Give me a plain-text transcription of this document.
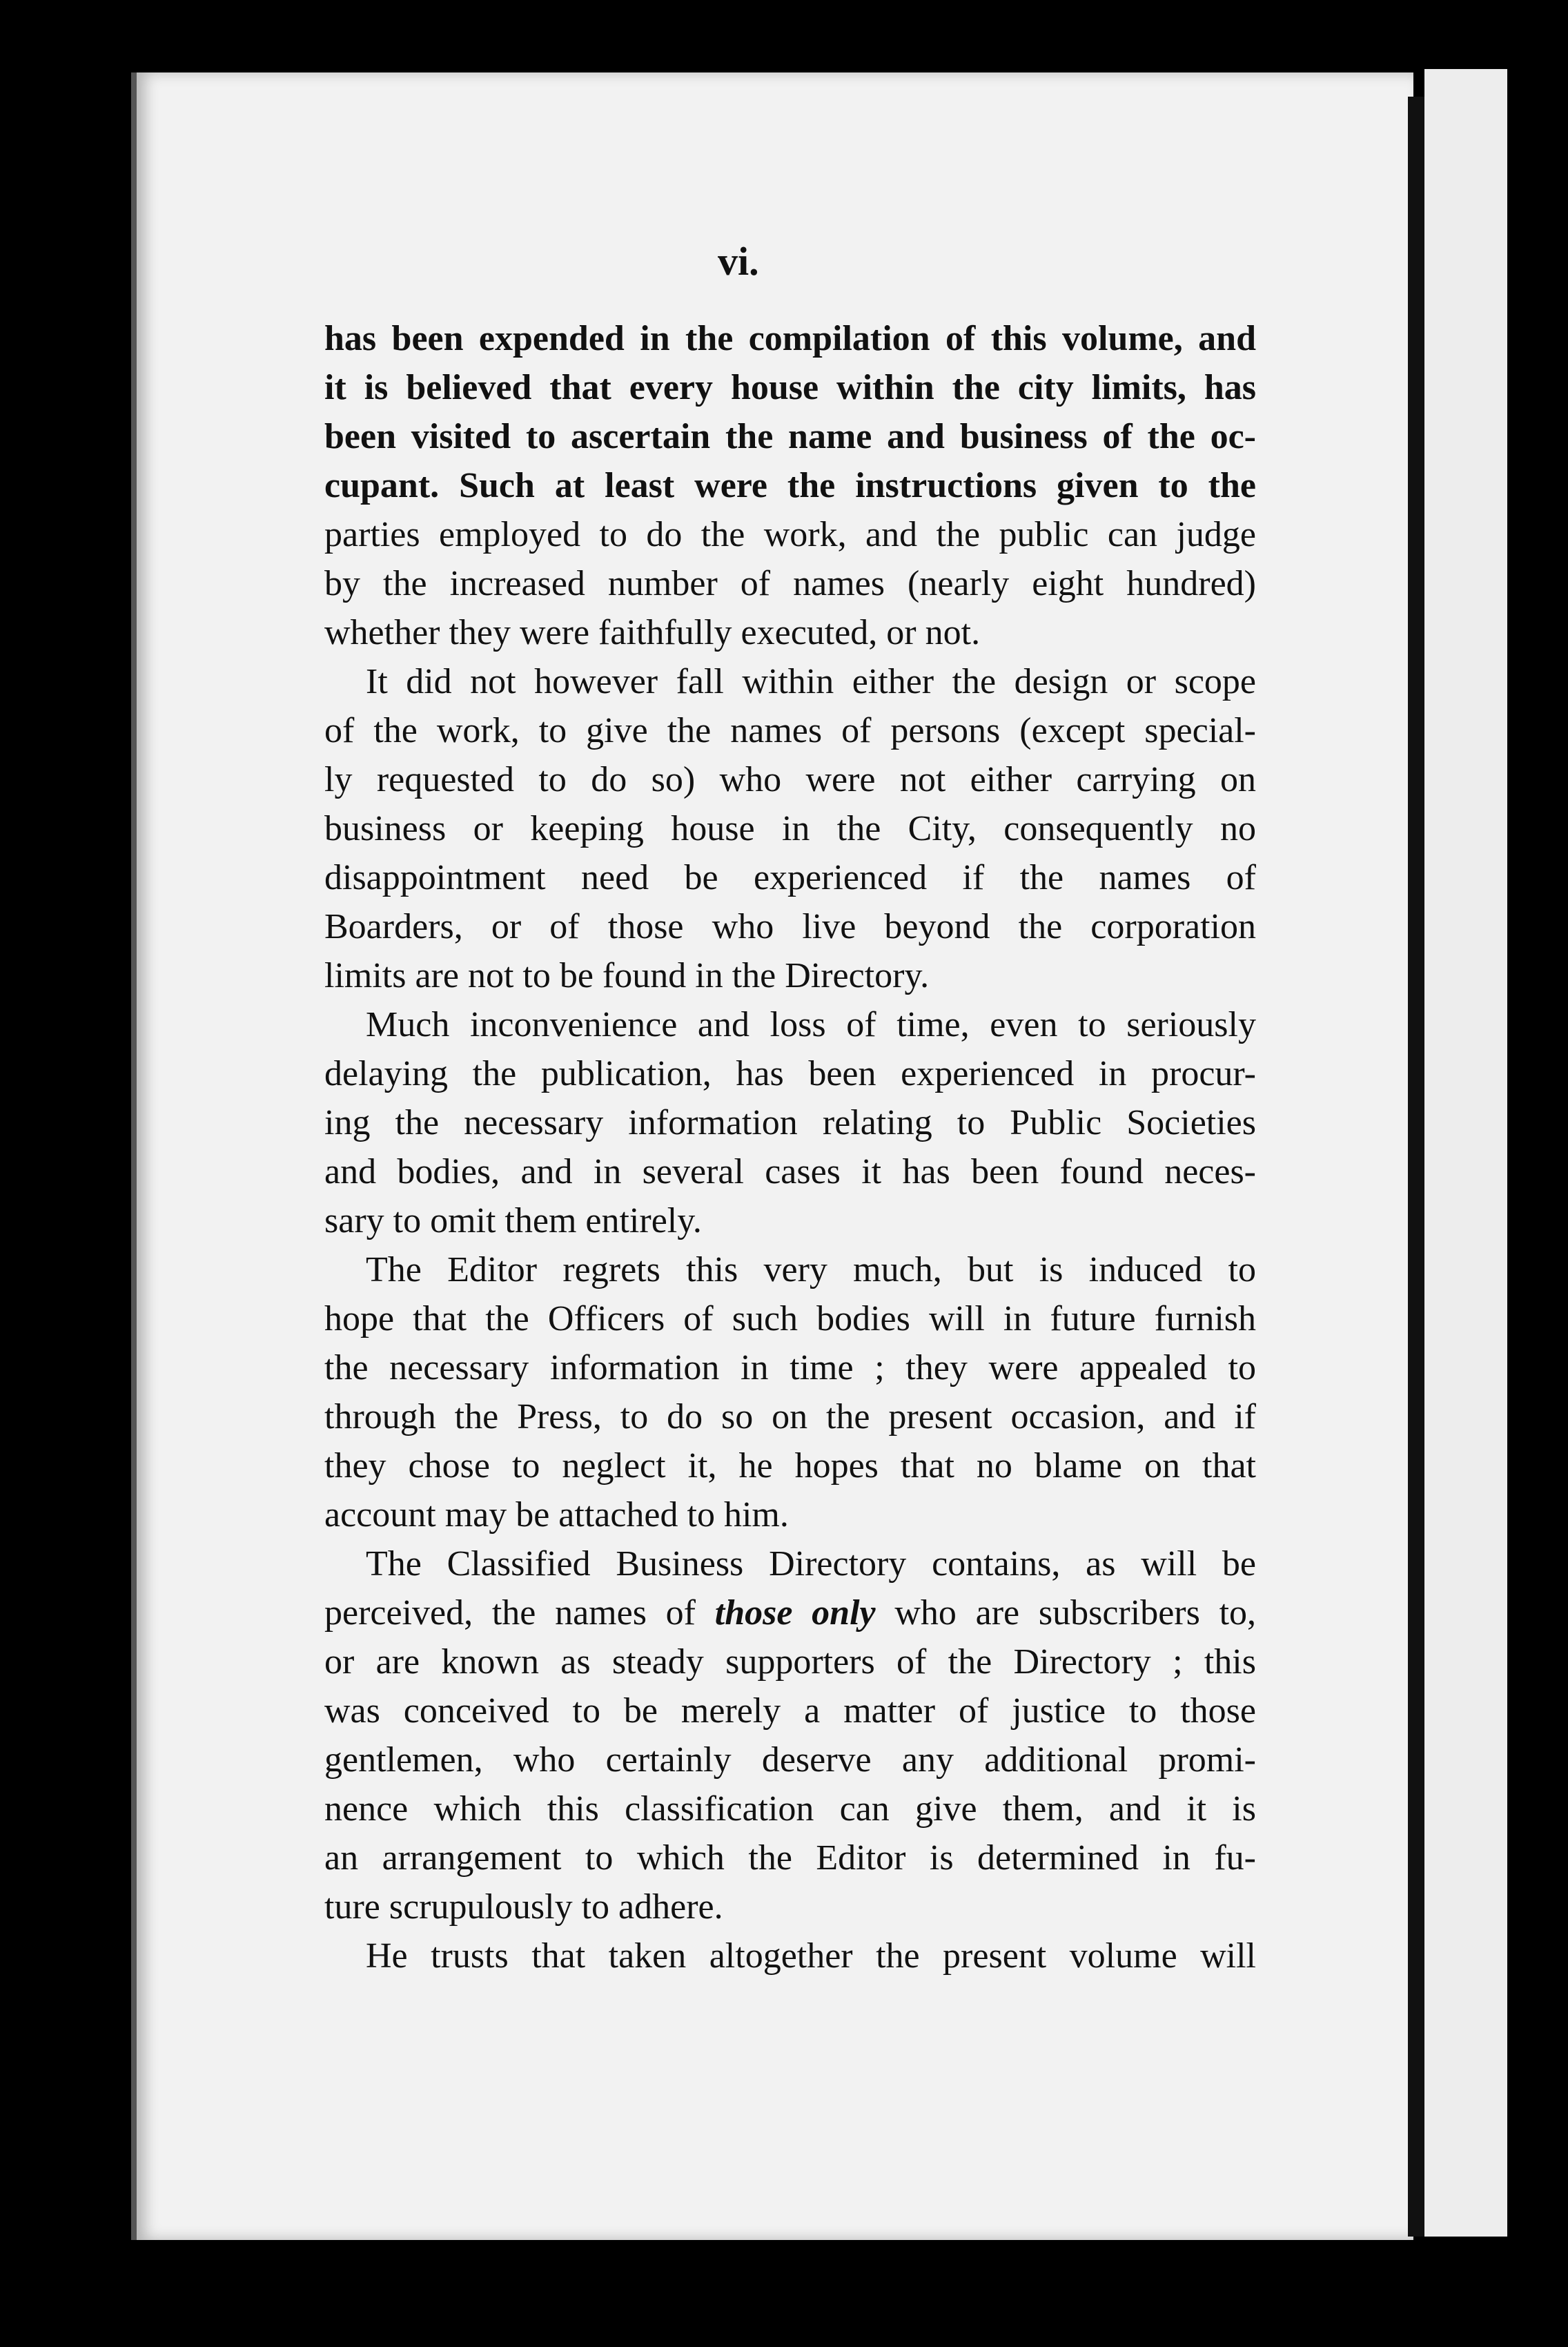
vi.
has been expended in the compilation of this volume, and
it is believed that every house within the city limits, has
been visited to ascertain the name and business of the oc-
cupant. Such at least were the instructions given to the
parties employed to do the work, and the public can judge
by the increased number of names (nearly eight hundred)
whether they were faithfully executed, or not.
It did not however fall within either the design or scope
of the work, to give the names of persons (except special-
ly requested to do so) who were not either carrying on
business or keeping house in the City, consequently no
disappointment need be experienced if the names of
Boarders, or of those who live beyond the corporation
limits are not to be found in the Directory.
Much inconvenience and loss of time, even to seriously
delaying the publication, has been experienced in procur-
ing the necessary information relating to Public Societies
and bodies, and in several cases it has been found neces-
sary to omit them entirely.
The Editor regrets this very much, but is induced to
hope that the Officers of such bodies will in future furnish
the necessary information in time ; they were appealed to
through the Press, to do so on the present occasion, and if
they chose to neglect it, he hopes that no blame on that
account may be attached to him.
The Classified Business Directory contains, as will be
perceived, the names of those only who are subscribers to,
or are known as steady supporters of the Directory ; this
was conceived to be merely a matter of justice to those
gentlemen, who certainly deserve any additional promi-
nence which this classification can give them, and it is
an arrangement to which the Editor is determined in fu-
ture scrupulously to adhere.
He trusts that taken altogether the present volume will
